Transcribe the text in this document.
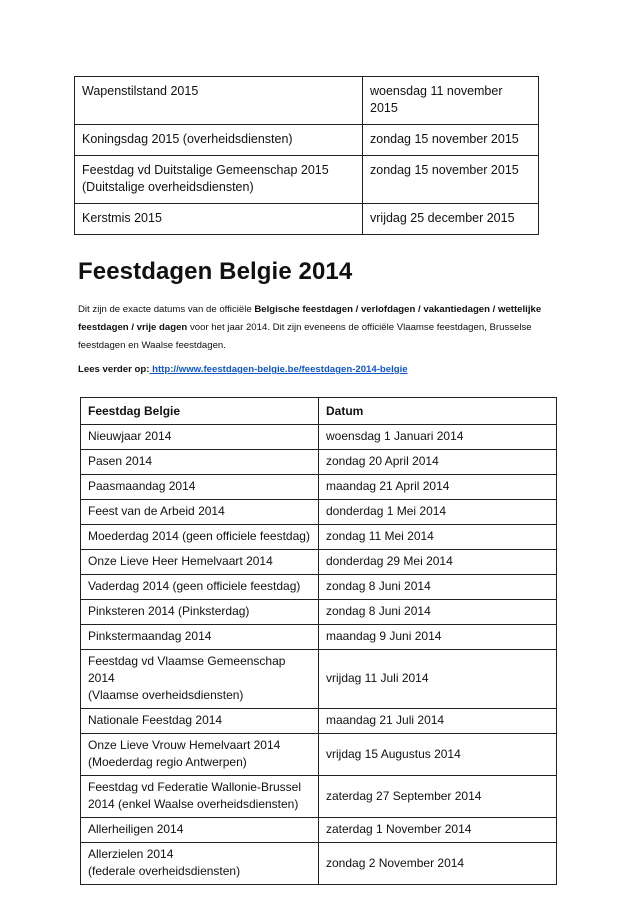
Wapenstilstand 2015	woensdag 11 november 2015
Koningsdag 2015 (overheidsdiensten)	zondag 15 november 2015
Feestdag vd Duitstalige Gemeenschap 2015
(Duitstalige overheidsdiensten)	zondag 15 november 2015
Kerstmis 2015	vrijdag 25 december 2015
Feestdagen Belgie 2014

Dit zijn de exacte datums van de officiële Belgische feestdagen / verlofdagen / vakantiedagen / wettelijke feestdagen / vrije dagen voor het jaar 2014. Dit zijn eveneens de officiële Vlaamse feestdagen, Brusselse feestdagen en Waalse feestdagen.

Lees verder op: http://www.feestdagen-belgie.be/feestdagen-2014-belgie

Feestdag Belgie	Datum
Nieuwjaar 2014	woensdag 1 Januari 2014
Pasen 2014	zondag 20 April 2014
Paasmaandag 2014	maandag 21 April 2014
Feest van de Arbeid 2014	donderdag 1 Mei 2014
Moederdag 2014 (geen officiele feestdag)	zondag 11 Mei 2014
Onze Lieve Heer Hemelvaart 2014	donderdag 29 Mei 2014
Vaderdag 2014 (geen officiele feestdag)	zondag 8 Juni 2014
Pinksteren 2014 (Pinksterdag)	zondag 8 Juni 2014
Pinkstermaandag 2014	maandag 9 Juni 2014
Feestdag vd Vlaamse Gemeenschap 2014
(Vlaamse overheidsdiensten)	vrijdag 11 Juli 2014
Nationale Feestdag 2014	maandag 21 Juli 2014
Onze Lieve Vrouw Hemelvaart 2014
(Moederdag regio Antwerpen)	vrijdag 15 Augustus 2014
Feestdag vd Federatie Wallonie-Brussel
2014 (enkel Waalse overheidsdiensten)	zaterdag 27 September 2014
Allerheiligen 2014	zaterdag 1 November 2014
Allerzielen 2014
(federale overheidsdiensten)	zondag 2 November 2014
